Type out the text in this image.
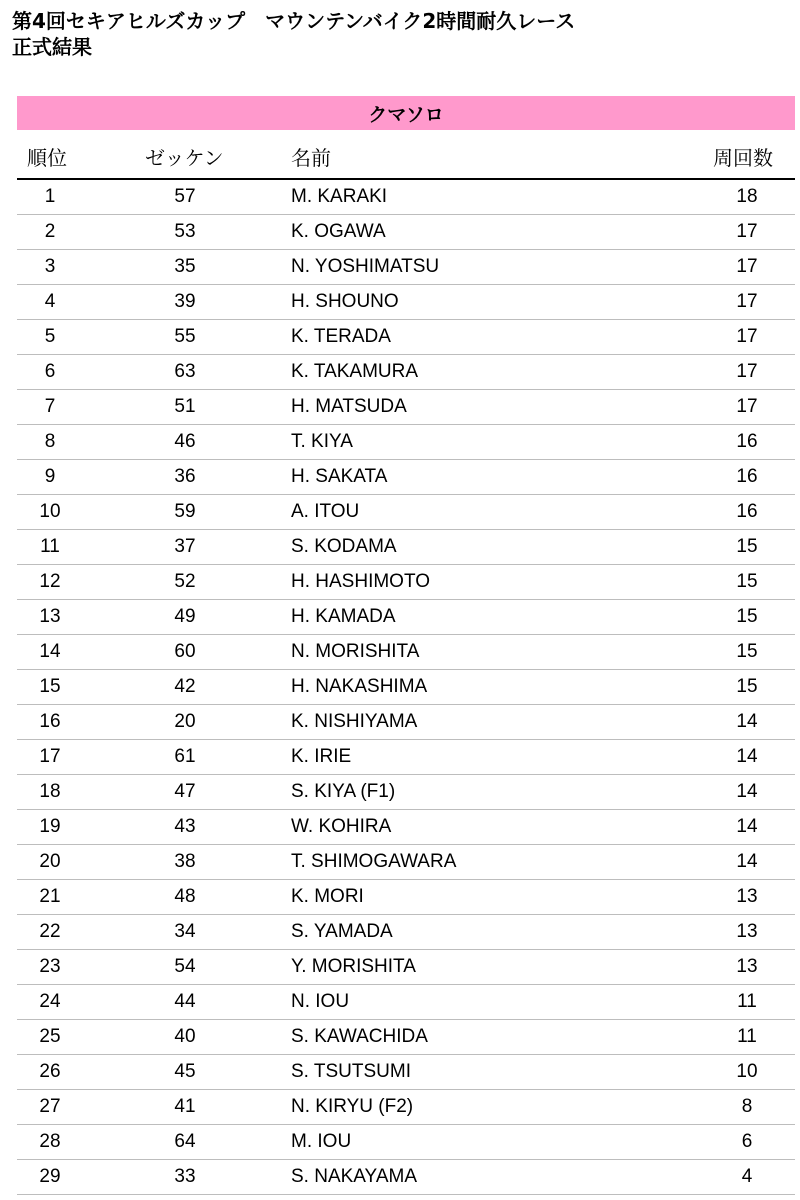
第4回セキアヒルズカップ　マウンテンバイク2時間耐久レース
正式結果
クマソロ
順位	ゼッケン	名前	周回数
1	57	M. KARAKI	18
2	53	K. OGAWA	17
3	35	N. YOSHIMATSU	17
4	39	H. SHOUNO	17
5	55	K. TERADA	17
6	63	K. TAKAMURA	17
7	51	H. MATSUDA	17
8	46	T. KIYA	16
9	36	H. SAKATA	16
10	59	A. ITOU	16
11	37	S. KODAMA	15
12	52	H. HASHIMOTO	15
13	49	H. KAMADA	15
14	60	N. MORISHITA	15
15	42	H. NAKASHIMA	15
16	20	K. NISHIYAMA	14
17	61	K. IRIE	14
18	47	S. KIYA (F1)	14
19	43	W. KOHIRA	14
20	38	T. SHIMOGAWARA	14
21	48	K. MORI	13
22	34	S. YAMADA	13
23	54	Y. MORISHITA	13
24	44	N. IOU	11
25	40	S. KAWACHIDA	11
26	45	S. TSUTSUMI	10
27	41	N. KIRYU (F2)	8
28	64	M. IOU	6
29	33	S. NAKAYAMA	4
